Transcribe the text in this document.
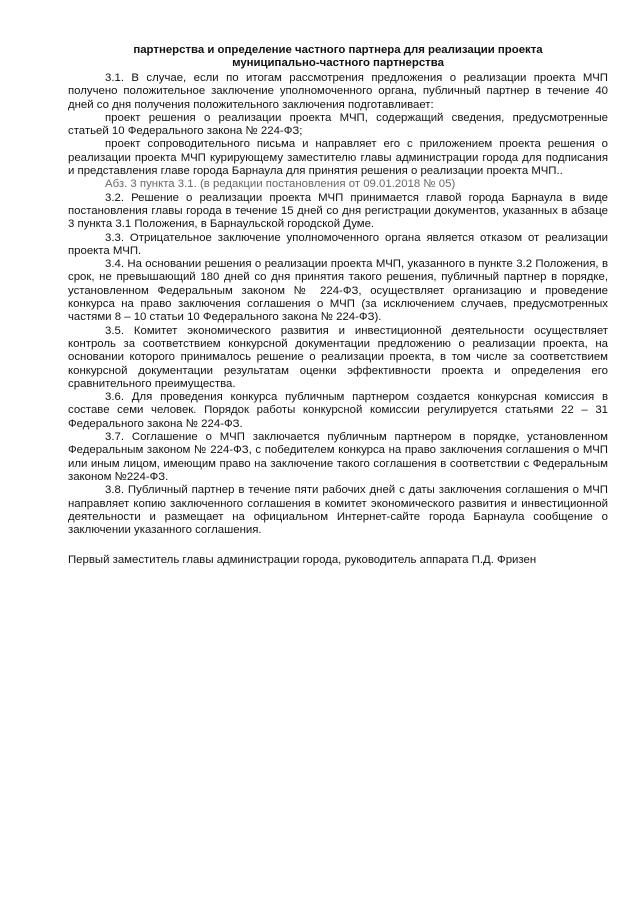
партнерства и определение частного партнера для реализации проекта
муниципально-частного партнерства

3.1. В случае, если по итогам рассмотрения предложения о реализации проекта МЧП получено положительное заключение уполномоченного органа, публичный партнер в течение 40 дней со дня получения положительного заключения подготавливает:

проект решения о реализации проекта МЧП, содержащий сведения, предусмотренные статьей 10 Федерального закона № 224-ФЗ;

проект сопроводительного письма и направляет его с приложением проекта решения о реализации проекта МЧП курирующему заместителю главы администрации города для подписания и представления главе города Барнаула для принятия решения о реализации проекта МЧП..

Абз. 3 пункта 3.1. (в редакции постановления от 09.01.2018 № 05)

3.2. Решение о реализации проекта МЧП принимается главой города Барнаула в виде постановления главы города в течение 15 дней со дня регистрации документов, указанных в абзаце 3 пункта 3.1 Положения, в Барнаульской городской Думе.

3.3. Отрицательное заключение уполномоченного органа является отказом от реализации проекта МЧП.

3.4. На основании решения о реализации проекта МЧП, указанного в пункте 3.2 Положения, в срок, не превышающий 180 дней со дня принятия такого решения, публичный партнер в порядке, установленном Федеральным законом № 224-ФЗ, осуществляет организацию и проведение конкурса на право заключения соглашения о МЧП (за исключением случаев, предусмотренных частями 8 – 10 статьи 10 Федерального закона № 224-ФЗ).

3.5. Комитет экономического развития и инвестиционной деятельности осуществляет контроль за соответствием конкурсной документации предложению о реализации проекта, на основании которого принималось решение о реализации проекта, в том числе за соответствием конкурсной документации результатам оценки эффективности проекта и определения его сравнительного преимущества.

3.6. Для проведения конкурса публичным партнером создается конкурсная комиссия в составе семи человек. Порядок работы конкурсной комиссии регулируется статьями 22 – 31 Федерального закона № 224-ФЗ.

3.7. Соглашение о МЧП заключается публичным партнером в порядке, установленном Федеральным законом № 224-ФЗ, с победителем конкурса на право заключения соглашения о МЧП или иным лицом, имеющим право на заключение такого соглашения в соответствии с Федеральным законом №224-ФЗ.

3.8. Публичный партнер в течение пяти рабочих дней с даты заключения соглашения о МЧП направляет копию заключенного соглашения в комитет экономического развития и инвестиционной деятельности и размещает на официальном Интернет-сайте города Барнаула сообщение о заключении указанного соглашения.

Первый заместитель главы администрации города, руководитель аппарата П.Д. Фризен
